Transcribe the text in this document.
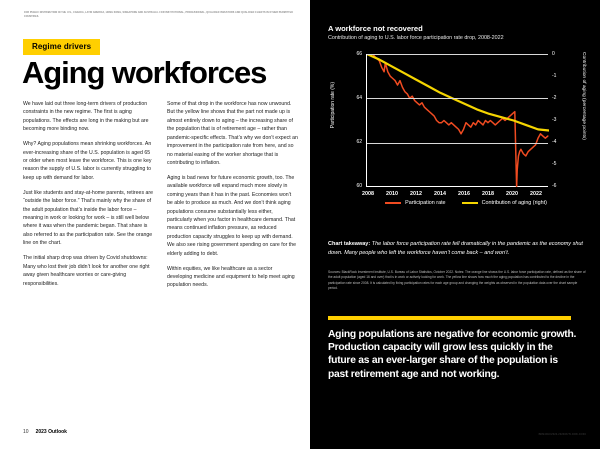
FOR PUBLIC DISTRIBUTION IN THE U.S., CANADA, LATIN AMERICA, HONG KONG, SINGAPORE AND AUSTRALIA. FOR INSTITUTIONAL, PROFESSIONAL, QUALIFIED INVESTORS AND QUALIFIED CLIENTS IN OTHER PERMITTED COUNTRIES.
Regime drivers
Aging workforces

We have laid out three long-term drivers of production constraints in the new regime. The first is aging populations. The effects are long in the making but are becoming more binding now.

Why? Aging populations mean shrinking workforces. An ever-increasing share of the U.S. population is aged 65 or older when most leave the workforce. This is one key reason the supply of U.S. labor is currently struggling to keep up with demand for labor.

Just like students and stay-at-home parents, retirees are “outside the labor force.” That’s mainly why the share of the adult population that’s inside the labor force – meaning in work or looking for work – is still well below where it was when the pandemic began. That share is also referred to as the participation rate. See the orange line on the chart.

The initial sharp drop was driven by Covid shutdowns: Many who lost their job didn’t look for another one right away given healthcare worries or care-giving responsibilities.

Some of that drop in the workforce has now unwound. But the yellow line shows that the part not made up is almost entirely down to aging – the increasing share of the population that is of retirement age – rather than pandemic-specific effects. That’s why we don’t expect an improvement in the participation rate from here, and so no material easing of the worker shortage that is contributing to inflation.

Aging is bad news for future economic growth, too. The available workforce will expand much more slowly in coming years than it has in the past. Economies won’t be able to produce as much. And we don’t think aging populations consume substantially less either, particularly when you factor in healthcare demand. That means continued inflation pressure, as reduced production capacity struggles to keep up with demand. We also see rising government spending on care for the elderly adding to debt.

Within equities, we like healthcare as a sector developing medicine and equipment to help meet aging population needs.

10 2023 Outlook
A workforce not recovered
Contribution of aging to U.S. labor force participation rate drop, 2008-2022
Participation rate (%)	Contribution of aging (percentage points)
66
64
62
60
0
-1
-2
-3
-4
-5
-6
2008	2010	2012	2014	2016	2018	2020	2022
Participation rate	Contribution of aging (right)
Chart takeaway: The labor force participation rate fell dramatically in the pandemic as the economy shut down. Many people who left the workforce haven’t come back – and won’t.
Sources: BlackRock Investment Institute, U.S. Bureau of Labor Statistics, October 2022. Notes: The orange line shows the U.S. labor force participation rate, defined as the share of the adult population (aged 16 and over) that is in work or actively looking for work. The yellow line shows how much the aging population has contributed to the decline in the participation rate since 2008. It is calculated by fixing participation rates for each age group and changing the weights as observed in the population data over the chart sample period.
Aging populations are negative for economic growth. Production capacity will grow less quickly in the future as an ever-larger share of the population is past retirement age and not working.
BIIM-DEC2022-2023OUTLOOK-10/30
